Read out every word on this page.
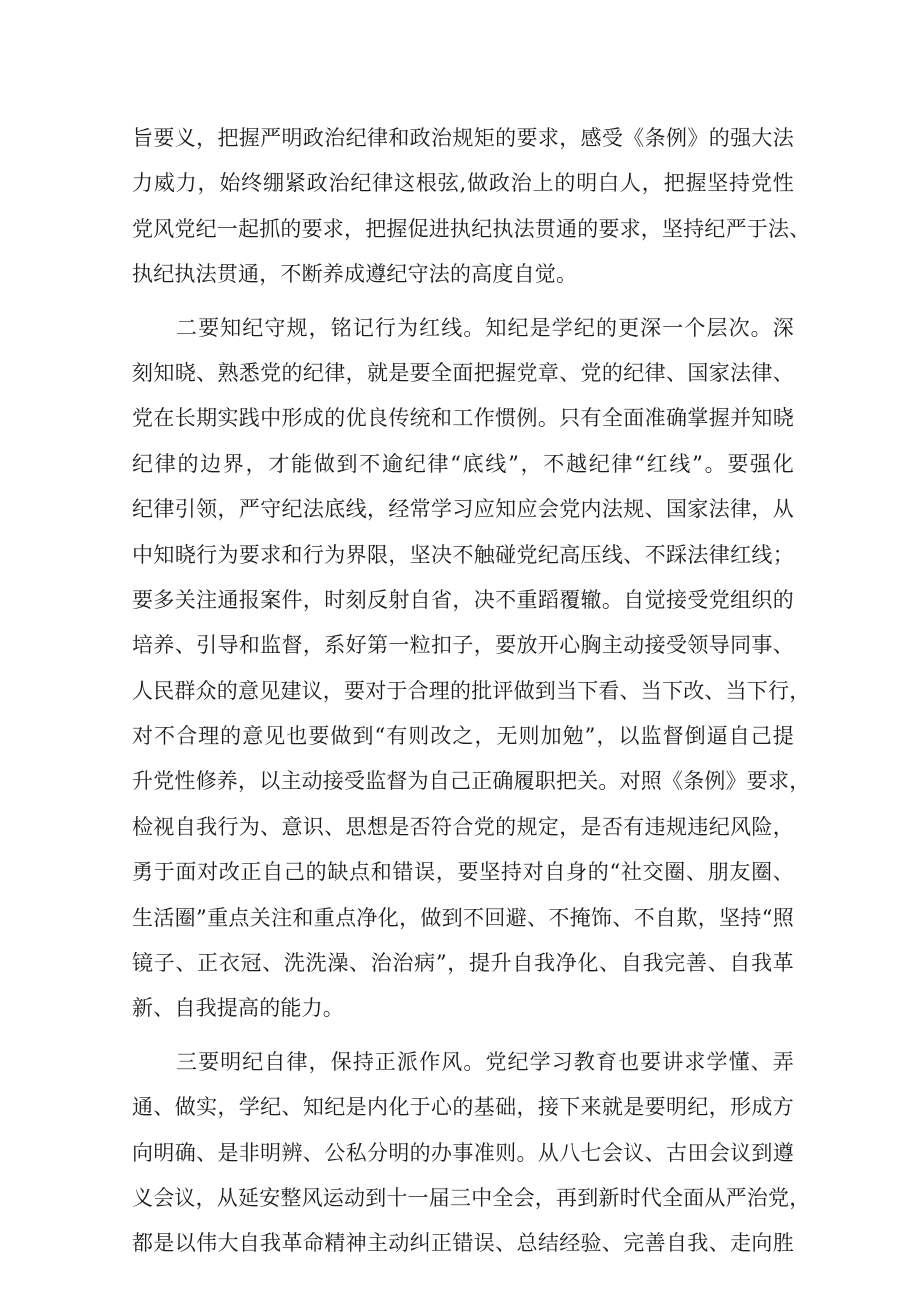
旨要义，把握严明政治纪律和政治规矩的要求，感受《条例》的强大法
力威力，始终绷紧政治纪律这根弦,做政治上的明白人，把握坚持党性
党风党纪一起抓的要求，把握促进执纪执法贯通的要求，坚持纪严于法、
执纪执法贯通，不断养成遵纪守法的高度自觉。
二要知纪守规，铭记行为红线。知纪是学纪的更深一个层次。深
刻知晓、熟悉党的纪律，就是要全面把握党章、党的纪律、国家法律、
党在长期实践中形成的优良传统和工作惯例。只有全面准确掌握并知晓
纪律的边界，才能做到不逾纪律“底线”，不越纪律“红线”。要强化
纪律引领，严守纪法底线，经常学习应知应会党内法规、国家法律，从
中知晓行为要求和行为界限，坚决不触碰党纪高压线、不踩法律红线；
要多关注通报案件，时刻反射自省，决不重蹈覆辙。自觉接受党组织的
培养、引导和监督，系好第一粒扣子，要放开心胸主动接受领导同事、
人民群众的意见建议，要对于合理的批评做到当下看、当下改、当下行，
对不合理的意见也要做到“有则改之，无则加勉”，以监督倒逼自己提
升党性修养，以主动接受监督为自己正确履职把关。对照《条例》要求，
检视自我行为、意识、思想是否符合党的规定，是否有违规违纪风险，
勇于面对改正自己的缺点和错误，要坚持对自身的“社交圈、朋友圈、
生活圈”重点关注和重点净化，做到不回避、不掩饰、不自欺，坚持“照
镜子、正衣冠、洗洗澡、治治病”，提升自我净化、自我完善、自我革
新、自我提高的能力。
三要明纪自律，保持正派作风。党纪学习教育也要讲求学懂、弄
通、做实，学纪、知纪是内化于心的基础，接下来就是要明纪，形成方
向明确、是非明辨、公私分明的办事准则。从八七会议、古田会议到遵
义会议，从延安整风运动到十一届三中全会，再到新时代全面从严治党，
都是以伟大自我革命精神主动纠正错误、总结经验、完善自我、走向胜
